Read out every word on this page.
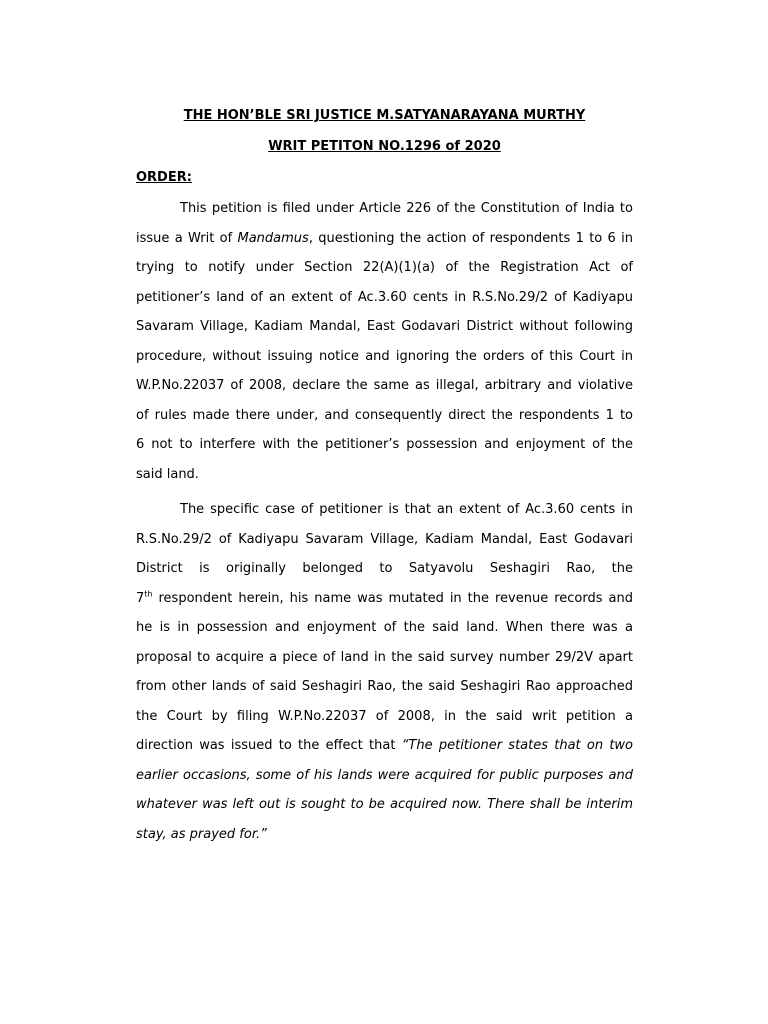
THE HON’BLE SRI JUSTICE M.SATYANARAYANA MURTHY
WRIT PETITON NO.1296 of 2020
ORDER:
This petition is filed under Article 226 of the Constitution of India to
issue a Writ of Mandamus, questioning the action of respondents 1 to 6 in
trying to notify under Section 22(A)(1)(a) of the Registration Act of
petitioner’s land of an extent of Ac.3.60 cents in R.S.No.29/2 of Kadiyapu
Savaram Village, Kadiam Mandal, East Godavari District without following
procedure, without issuing notice and ignoring the orders of this Court in
W.P.No.22037 of 2008, declare the same as illegal, arbitrary and violative
of rules made there under, and consequently direct the respondents 1 to
6 not to interfere with the petitioner’s possession and enjoyment of the
said land.
The specific case of petitioner is that an extent of Ac.3.60 cents in
R.S.No.29/2 of Kadiyapu Savaram Village, Kadiam Mandal, East Godavari
District is originally belonged to Satyavolu Seshagiri Rao, the
7th respondent herein, his name was mutated in the revenue records and
he is in possession and enjoyment of the said land. When there was a
proposal to acquire a piece of land in the said survey number 29/2V apart
from other lands of said Seshagiri Rao, the said Seshagiri Rao approached
the Court by filing W.P.No.22037 of 2008, in the said writ petition a
direction was issued to the effect that “The petitioner states that on two
earlier occasions, some of his lands were acquired for public purposes and
whatever was left out is sought to be acquired now. There shall be interim
stay, as prayed for.”
